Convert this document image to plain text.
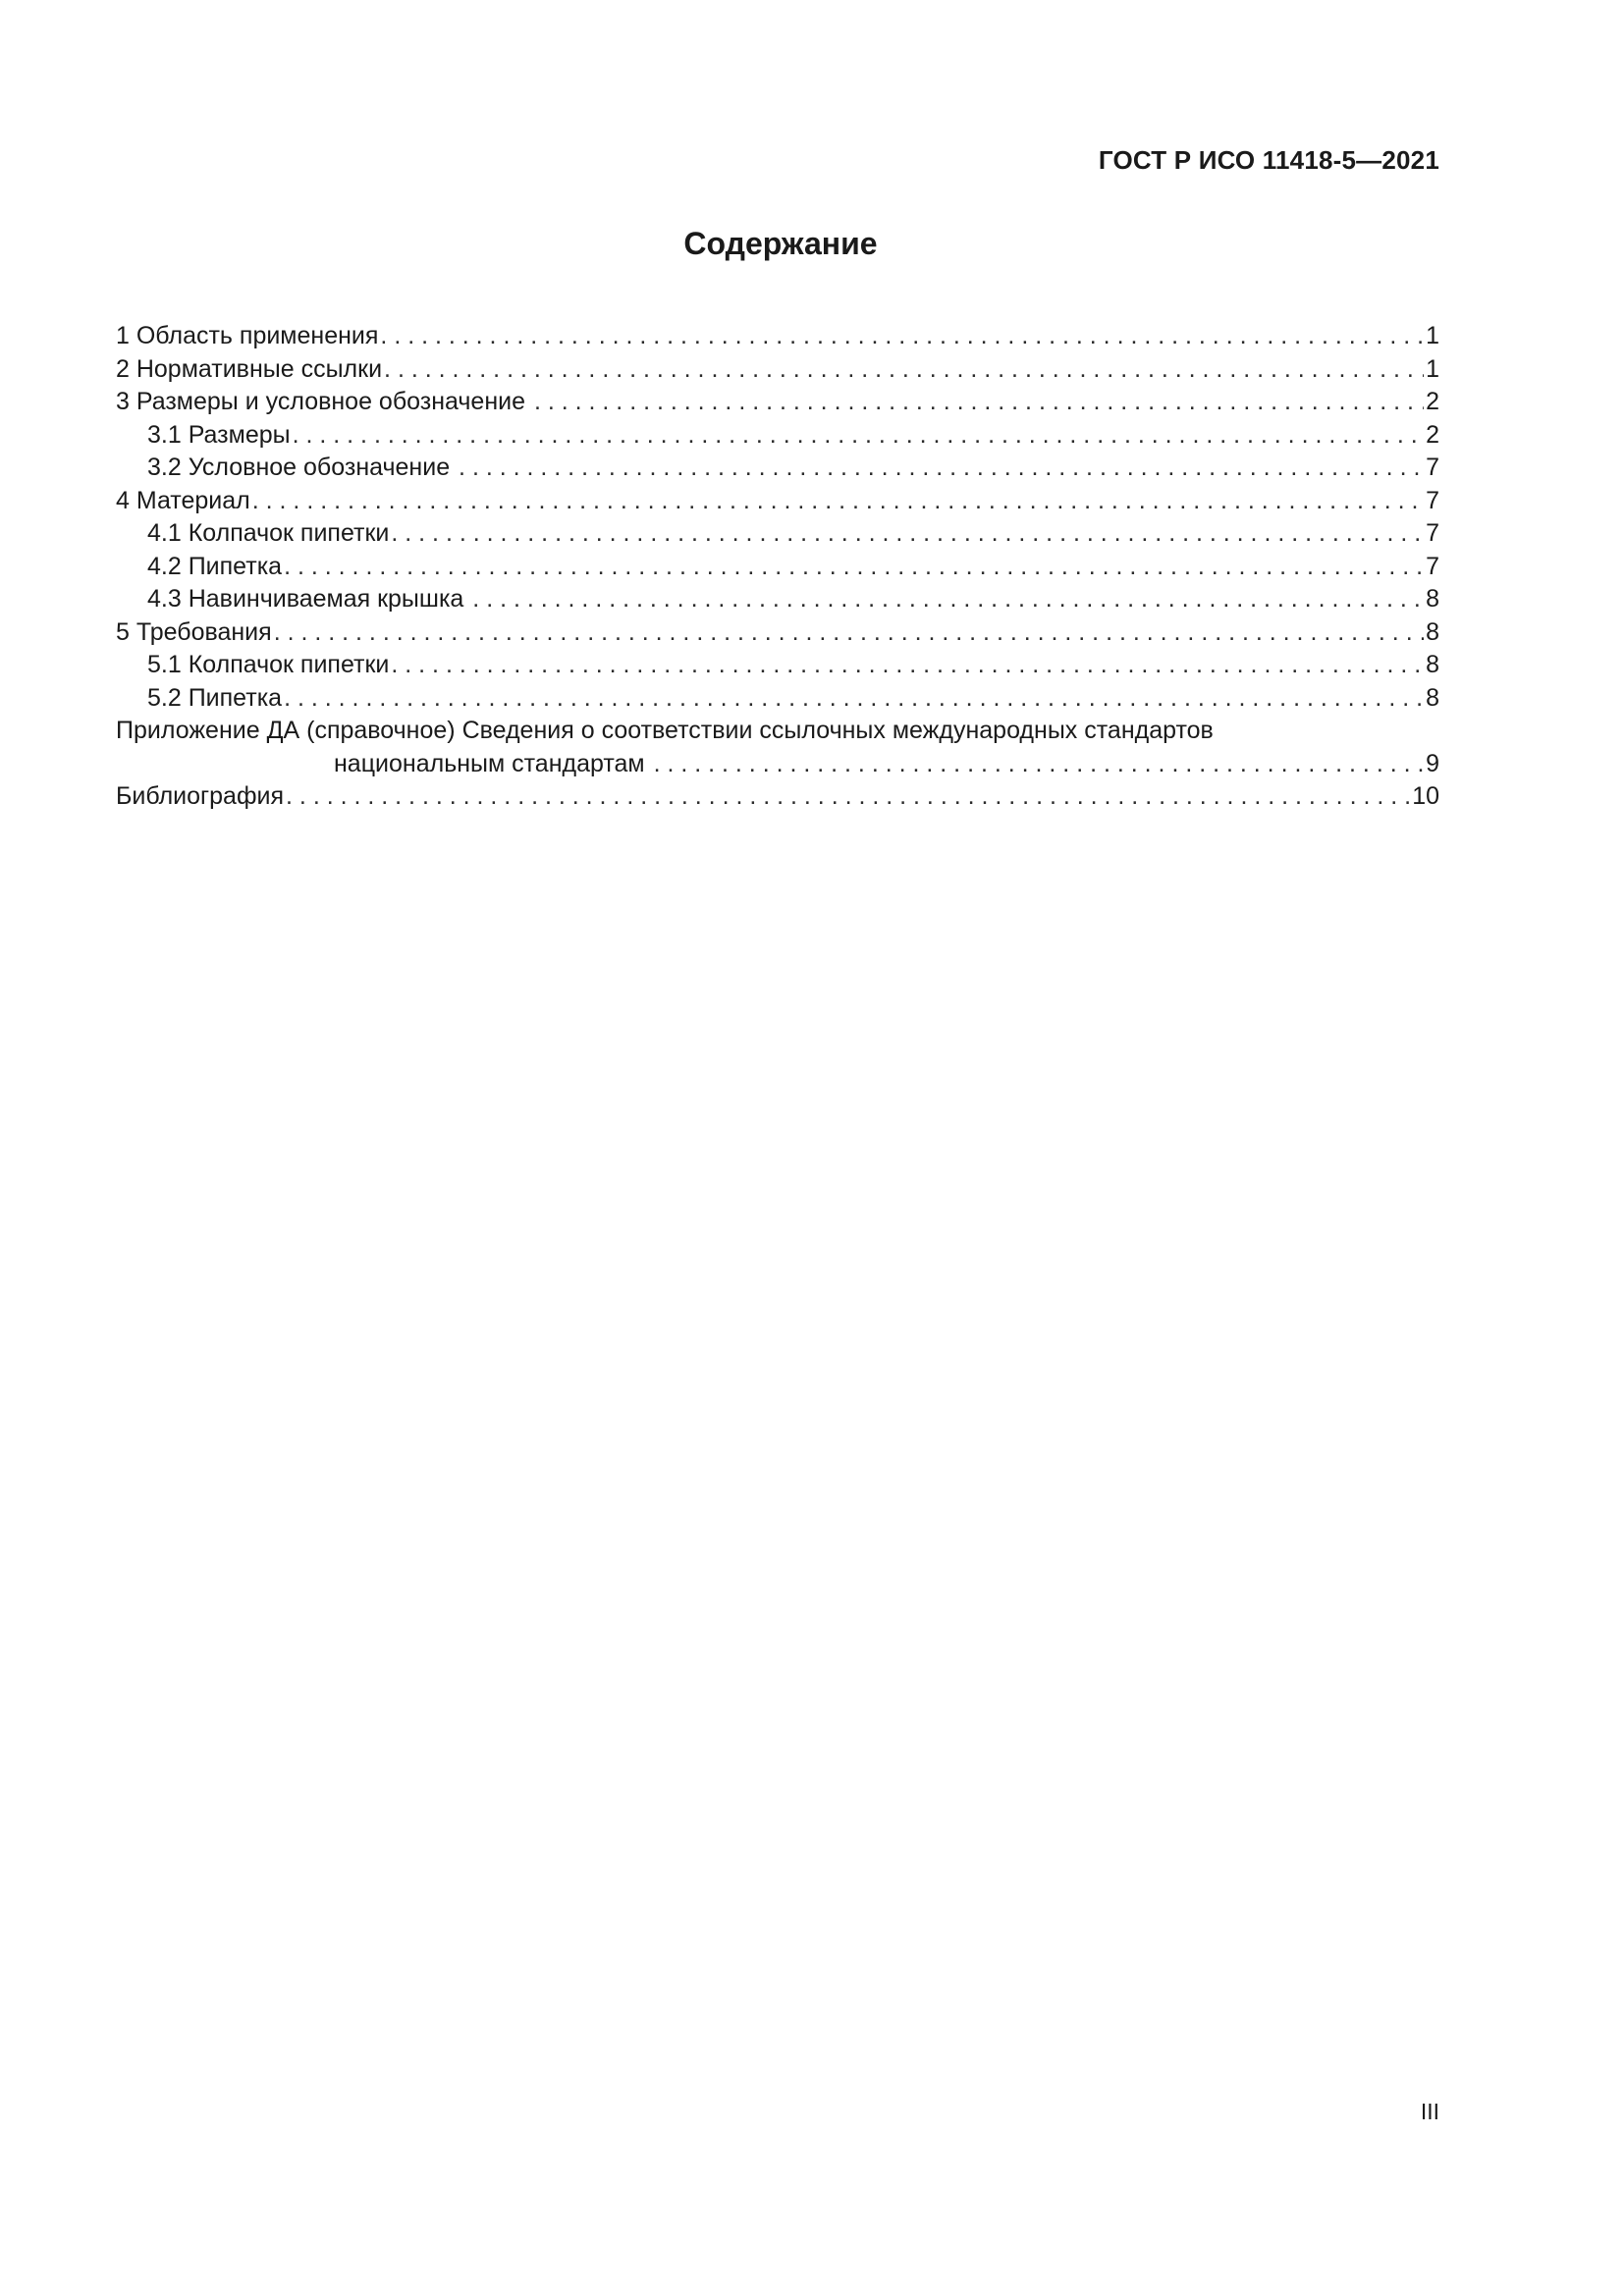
ГОСТ Р ИСО 11418-5—2021
Содержание
1 Область применения . . .	1
2 Нормативные ссылки . . .	1
3 Размеры и условное обозначение . . .	2
3.1 Размеры . . .	2
3.2 Условное обозначение . . .	7
4 Материал . . .	7
4.1 Колпачок пипетки . . .	7
4.2 Пипетка . . .	7
4.3 Навинчиваемая крышка . . .	8
5 Требования . . .	8
5.1 Колпачок пипетки . . .	8
5.2 Пипетка . . .	8
Приложение ДА (справочное) Сведения о соответствии ссылочных международных стандартов
национальным стандартам . . .	9
Библиография . . .	10
III
